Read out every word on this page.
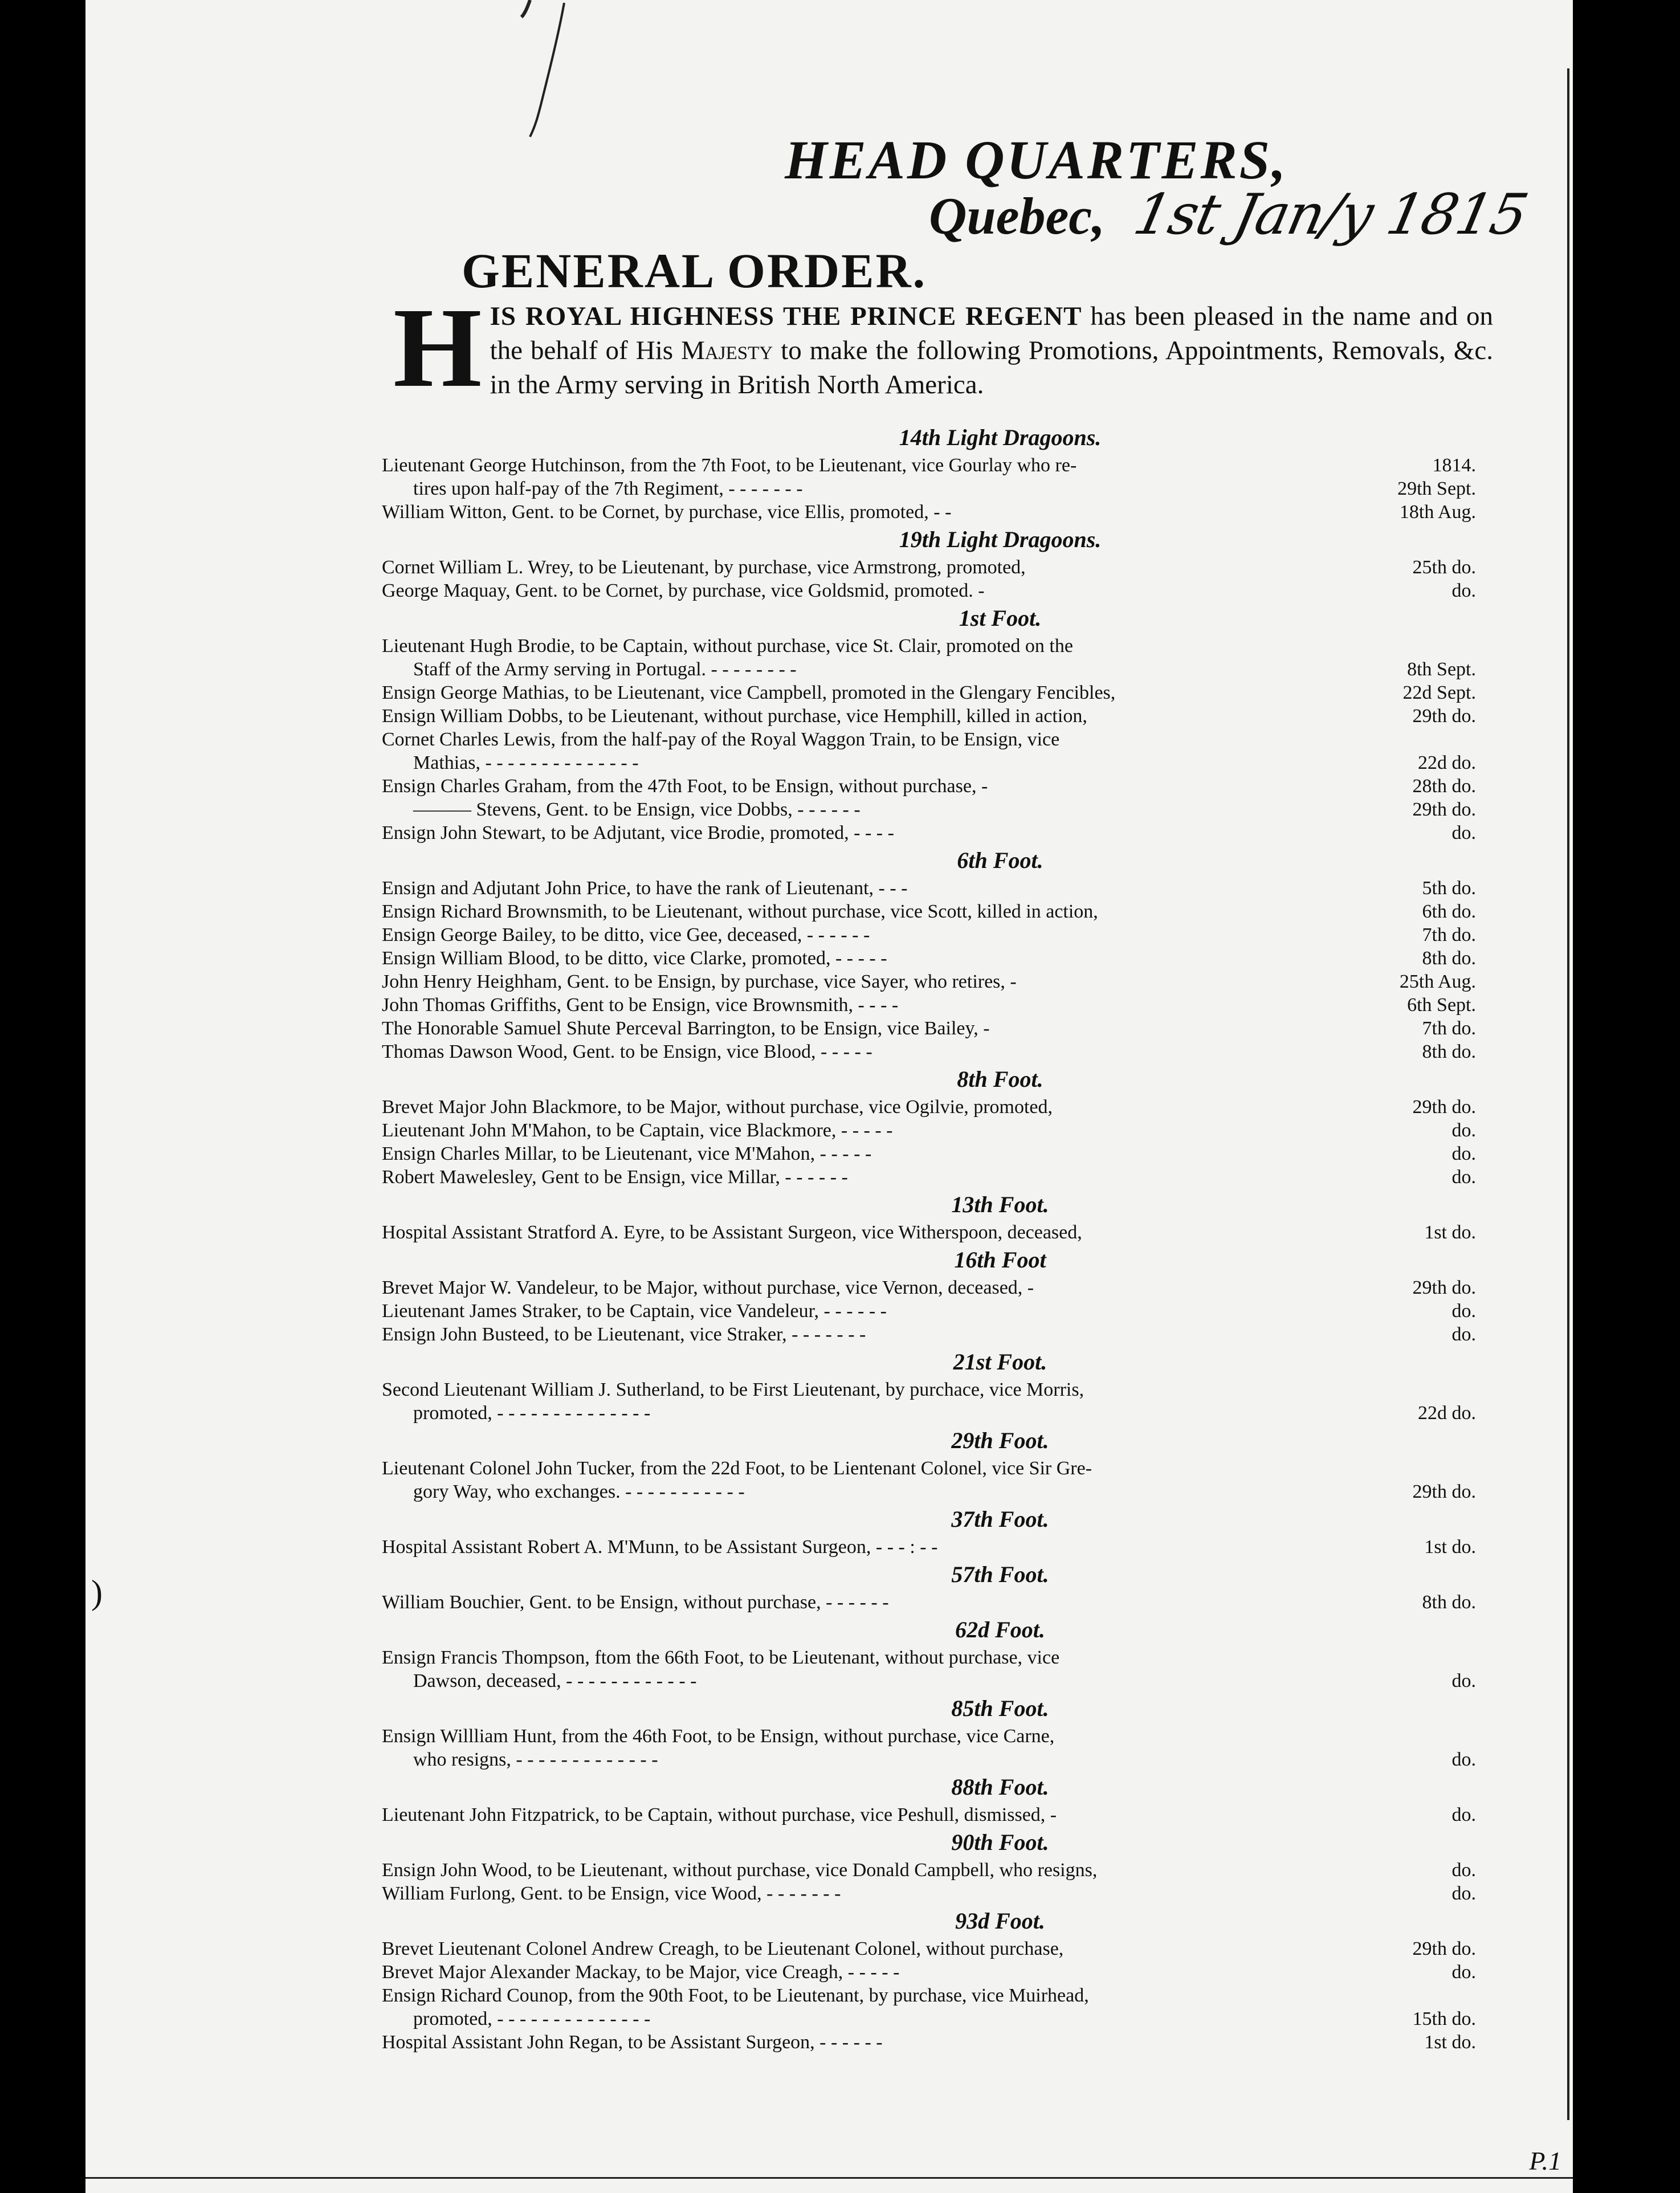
HEAD QUARTERS,
Quebec, 1st Jan/y 1815
GENERAL ORDER.
HIS ROYAL HIGHNESS THE PRINCE REGENT has been pleased in the name and on the behalf of His Majesty to make the following Promotions, Appointments, Removals, &c. in the Army serving in British North America.
14th Light Dragoons.
Lieutenant George Hutchinson, from the 7th Foot, to be Lieutenant, vice Gourlay who re-	1814.
tires upon half-pay of the 7th Regiment, - - - - - - -	29th Sept.
William Witton, Gent. to be Cornet, by purchase, vice Ellis, promoted, - -	18th Aug.
19th Light Dragoons.
Cornet William L. Wrey, to be Lieutenant, by purchase, vice Armstrong, promoted,	25th do.
George Maquay, Gent. to be Cornet, by purchase, vice Goldsmid, promoted. -	do.
1st Foot.
Lieutenant Hugh Brodie, to be Captain, without purchase, vice St. Clair, promoted on the
Staff of the Army serving in Portugal. - - - - - - - -	8th Sept.
Ensign George Mathias, to be Lieutenant, vice Campbell, promoted in the Glengary Fencibles,	22d Sept.
Ensign William Dobbs, to be Lieutenant, without purchase, vice Hemphill, killed in action,	29th do.
Cornet Charles Lewis, from the half-pay of the Royal Waggon Train, to be Ensign, vice
Mathias, - - - - - - - - - - - - - -	22d do.
Ensign Charles Graham, from the 47th Foot, to be Ensign, without purchase, -	28th do.
——— Stevens, Gent. to be Ensign, vice Dobbs, - - - - - -	29th do.
Ensign John Stewart, to be Adjutant, vice Brodie, promoted, - - - -	do.
6th Foot.
Ensign and Adjutant John Price, to have the rank of Lieutenant, - - -	5th do.
Ensign Richard Brownsmith, to be Lieutenant, without purchase, vice Scott, killed in action,	6th do.
Ensign George Bailey, to be ditto, vice Gee, deceased, - - - - - -	7th do.
Ensign William Blood, to be ditto, vice Clarke, promoted, - - - - -	8th do.
John Henry Heighham, Gent. to be Ensign, by purchase, vice Sayer, who retires, -	25th Aug.
John Thomas Griffiths, Gent to be Ensign, vice Brownsmith, - - - -	6th Sept.
The Honorable Samuel Shute Perceval Barrington, to be Ensign, vice Bailey, -	7th do.
Thomas Dawson Wood, Gent. to be Ensign, vice Blood, - - - - -	8th do.
8th Foot.
Brevet Major John Blackmore, to be Major, without purchase, vice Ogilvie, promoted,	29th do.
Lieutenant John M'Mahon, to be Captain, vice Blackmore, - - - - -	do.
Ensign Charles Millar, to be Lieutenant, vice M'Mahon, - - - - -	do.
Robert Mawelesley, Gent to be Ensign, vice Millar, - - - - - -	do.
13th Foot.
Hospital Assistant Stratford A. Eyre, to be Assistant Surgeon, vice Witherspoon, deceased,	1st do.
16th Foot
Brevet Major W. Vandeleur, to be Major, without purchase, vice Vernon, deceased, -	29th do.
Lieutenant James Straker, to be Captain, vice Vandeleur, - - - - - -	do.
Ensign John Busteed, to be Lieutenant, vice Straker, - - - - - - -	do.
21st Foot.
Second Lieutenant William J. Sutherland, to be First Lieutenant, by purchace, vice Morris,
promoted, - - - - - - - - - - - - - -	22d do.
29th Foot.
Lieutenant Colonel John Tucker, from the 22d Foot, to be Lientenant Colonel, vice Sir Gre-
gory Way, who exchanges. - - - - - - - - - - -	29th do.
37th Foot.
Hospital Assistant Robert A. M'Munn, to be Assistant Surgeon, - - - : - -	1st do.
57th Foot.
William Bouchier, Gent. to be Ensign, without purchase, - - - - - -	8th do.
62d Foot.
Ensign Francis Thompson, ftom the 66th Foot, to be Lieutenant, without purchase, vice
Dawson, deceased, - - - - - - - - - - - -	do.
85th Foot.
Ensign Willliam Hunt, from the 46th Foot, to be Ensign, without purchase, vice Carne,
who resigns, - - - - - - - - - - - - -	do.
88th Foot.
Lieutenant John Fitzpatrick, to be Captain, without purchase, vice Peshull, dismissed, -	do.
90th Foot.
Ensign John Wood, to be Lieutenant, without purchase, vice Donald Campbell, who resigns,	do.
William Furlong, Gent. to be Ensign, vice Wood, - - - - - - -	do.
93d Foot.
Brevet Lieutenant Colonel Andrew Creagh, to be Lieutenant Colonel, without purchase,	29th do.
Brevet Major Alexander Mackay, to be Major, vice Creagh, - - - - -	do.
Ensign Richard Counop, from the 90th Foot, to be Lieutenant, by purchase, vice Muirhead,
promoted, - - - - - - - - - - - - - -	15th do.
Hospital Assistant John Regan, to be Assistant Surgeon, - - - - - -	1st do.
)
P.1
